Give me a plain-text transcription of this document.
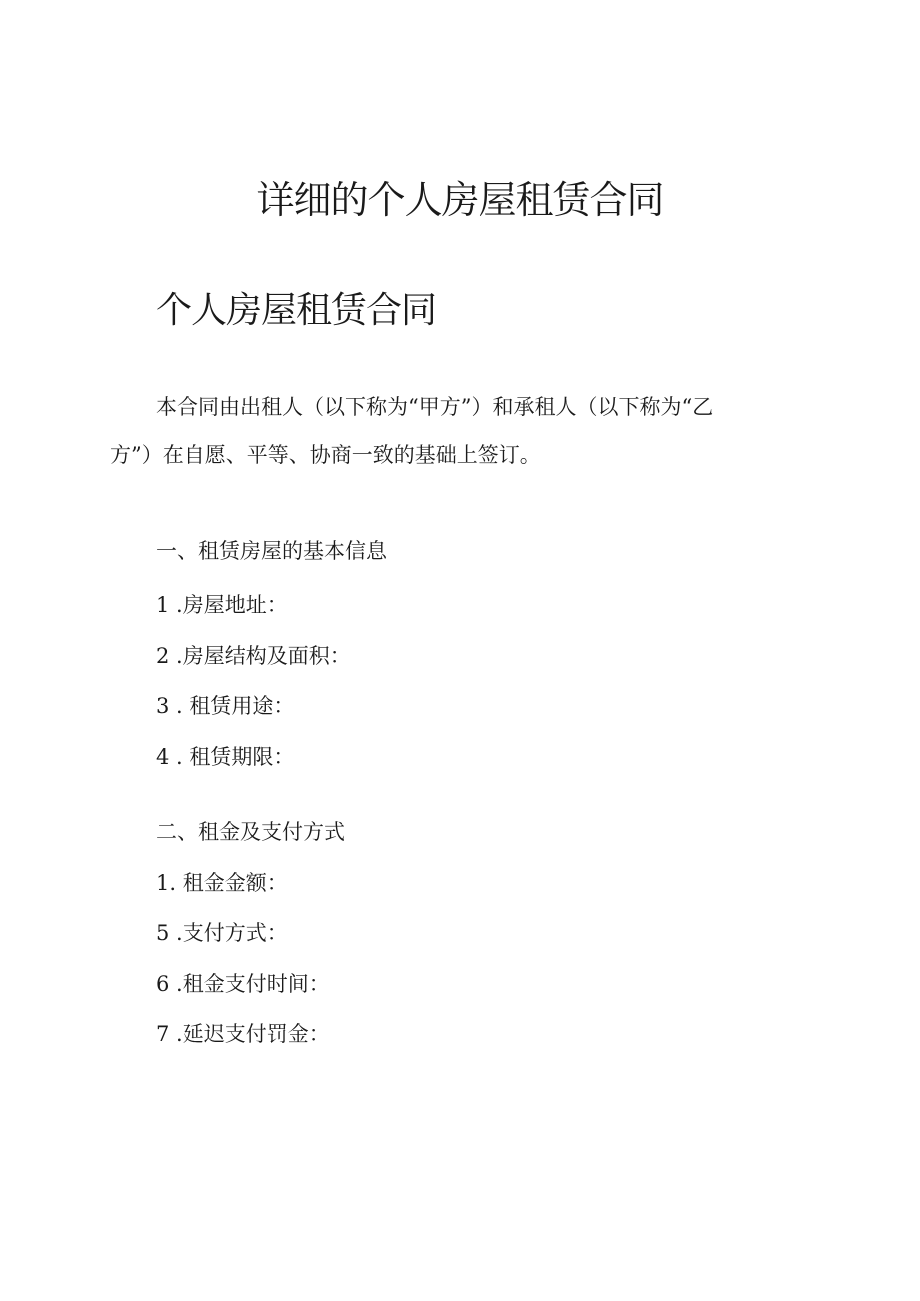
详细的个人房屋租赁合同
个人房屋租赁合同

本合同由出租人（以下称为“甲方”）和承租人（以下称为“乙

方”）在自愿、平等、协商一致的基础上签订。

一、租赁房屋的基本信息

1 .房屋地址：

2 .房屋结构及面积：

3 . 租赁用途：

4 . 租赁期限：

二、租金及支付方式

1. 租金金额：

5 .支付方式：

6 .租金支付时间：

7 .延迟支付罚金：
